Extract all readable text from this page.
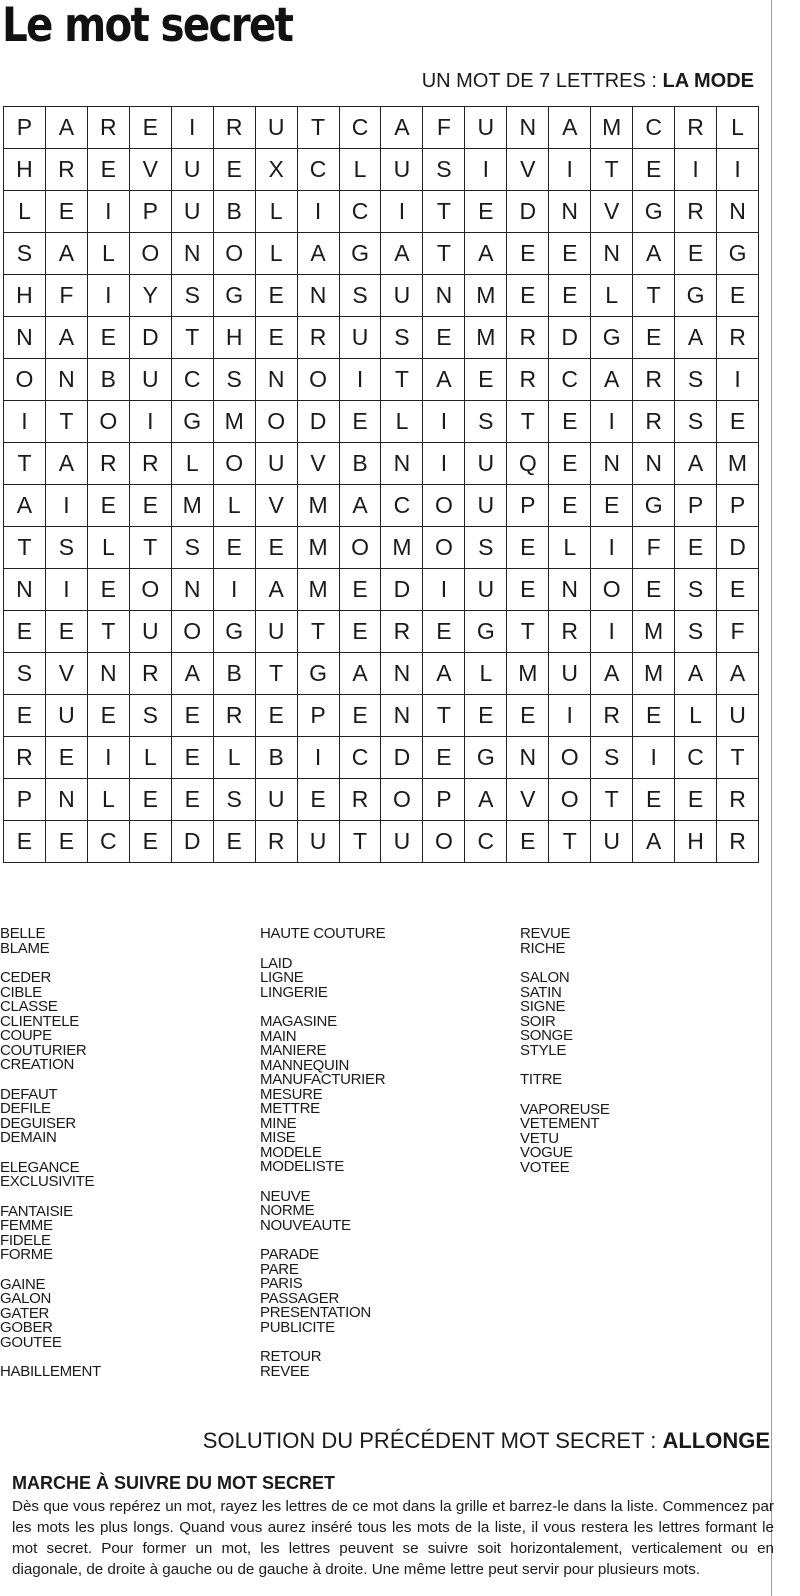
Le mot secret
UN MOT DE 7 LETTRES : LA MODE
P	A	R	E	I	R	U	T	C	A	F	U	N	A	M	C	R	L
H	R	E	V	U	E	X	C	L	U	S	I	V	I	T	E	I	I
L	E	I	P	U	B	L	I	C	I	T	E	D	N	V	G	R	N
S	A	L	O	N	O	L	A	G	A	T	A	E	E	N	A	E	G
H	F	I	Y	S	G	E	N	S	U	N	M	E	E	L	T	G	E
N	A	E	D	T	H	E	R	U	S	E	M	R	D	G	E	A	R
O	N	B	U	C	S	N	O	I	T	A	E	R	C	A	R	S	I
I	T	O	I	G	M	O	D	E	L	I	S	T	E	I	R	S	E
T	A	R	R	L	O	U	V	B	N	I	U	Q	E	N	N	A	M
A	I	E	E	M	L	V	M	A	C	O	U	P	E	E	G	P	P
T	S	L	T	S	E	E	M	O	M	O	S	E	L	I	F	E	D
N	I	E	O	N	I	A	M	E	D	I	U	E	N	O	E	S	E
E	E	T	U	O	G	U	T	E	R	E	G	T	R	I	M	S	F
S	V	N	R	A	B	T	G	A	N	A	L	M	U	A	M	A	A
E	U	E	S	E	R	E	P	E	N	T	E	E	I	R	E	L	U
R	E	I	L	E	L	B	I	C	D	E	G	N	O	S	I	C	T
P	N	L	E	E	S	U	E	R	O	P	A	V	O	T	E	E	R
E	E	C	E	D	E	R	U	T	U	O	C	E	T	U	A	H	R
BELLE
BLAME
CEDER
CIBLE
CLASSE
CLIENTELE
COUPE
COUTURIER
CREATION
DEFAUT
DEFILE
DEGUISER
DEMAIN
ELEGANCE
EXCLUSIVITE
FANTAISIE
FEMME
FIDELE
FORME
GAINE
GALON
GATER
GOBER
GOUTEE
HABILLEMENT
HAUTE COUTURE
LAID
LIGNE
LINGERIE
MAGASINE
MAIN
MANIERE
MANNEQUIN
MANUFACTURIER
MESURE
METTRE
MINE
MISE
MODELE
MODELISTE
NEUVE
NORME
NOUVEAUTE
PARADE
PARE
PARIS
PASSAGER
PRESENTATION
PUBLICITE
RETOUR
REVEE
REVUE
RICHE
SALON
SATIN
SIGNE
SOIR
SONGE
STYLE
TITRE
VAPOREUSE
VETEMENT
VETU
VOGUE
VOTEE
SOLUTION DU PRÉCÉDENT MOT SECRET : ALLONGE
MARCHE À SUIVRE DU MOT SECRET
Dès que vous repérez un mot, rayez les lettres de ce mot dans la grille et barrez-le dans la liste. Commencez par les mots les plus longs. Quand vous aurez inséré tous les mots de la liste, il vous restera les lettres formant le mot secret. Pour former un mot, les lettres peuvent se suivre soit horizontalement, verticalement ou en diagonale, de droite à gauche ou de gauche à droite. Une même lettre peut servir pour plusieurs mots.
